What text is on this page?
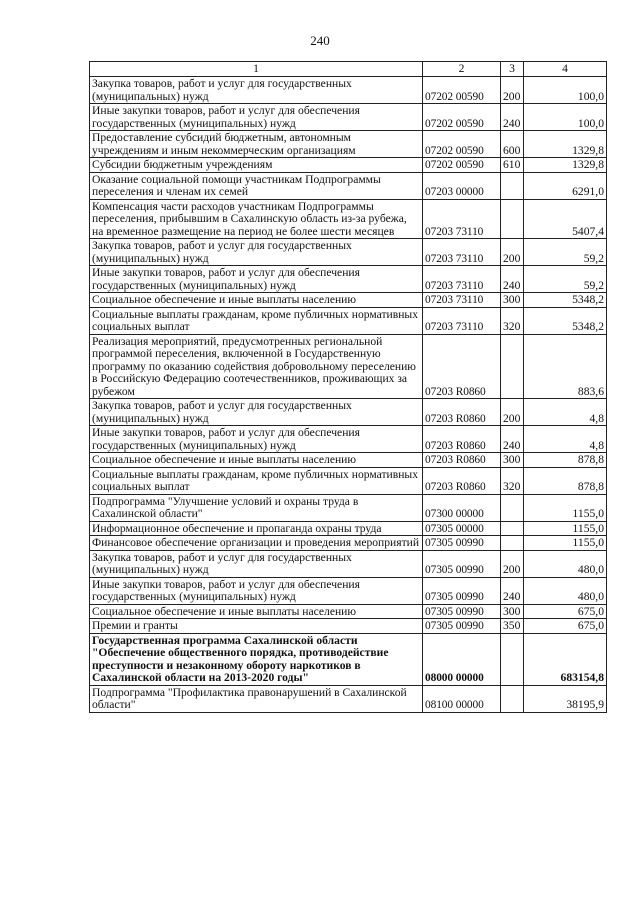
240
1	2	3	4
Закупка товаров, работ и услуг для государственных (муниципальных) нужд	07202 00590	200	100,0
Иные закупки товаров, работ и услуг для обеспечения государственных (муниципальных) нужд	07202 00590	240	100,0
Предоставление субсидий бюджетным, автономным учреждениям и иным некоммерческим организациям	07202 00590	600	1329,8
Субсидии бюджетным учреждениям	07202 00590	610	1329,8
Оказание социальной помощи участникам Подпрограммы переселения и членам их семей	07203 00000		6291,0
Компенсация части расходов участникам Подпрограммы переселения, прибывшим в Сахалинскую область из-за рубежа, на временное размещение на период не более шести месяцев	07203 73110		5407,4
Закупка товаров, работ и услуг для государственных (муниципальных) нужд	07203 73110	200	59,2
Иные закупки товаров, работ и услуг для обеспечения государственных (муниципальных) нужд	07203 73110	240	59,2
Социальное обеспечение и иные выплаты населению	07203 73110	300	5348,2
Социальные выплаты гражданам, кроме публичных нормативных социальных выплат	07203 73110	320	5348,2
Реализация мероприятий, предусмотренных региональной программой переселения, включенной в Государственную программу по оказанию содействия добровольному переселению в Российскую Федерацию соотечественников, проживающих за рубежом	07203 R0860		883,6
Закупка товаров, работ и услуг для государственных (муниципальных) нужд	07203 R0860	200	4,8
Иные закупки товаров, работ и услуг для обеспечения государственных (муниципальных) нужд	07203 R0860	240	4,8
Социальное обеспечение и иные выплаты населению	07203 R0860	300	878,8
Социальные выплаты гражданам, кроме публичных нормативных социальных выплат	07203 R0860	320	878,8
Подпрограмма "Улучшение условий и охраны труда в Сахалинской области"	07300 00000		1155,0
Информационное обеспечение и пропаганда охраны труда	07305 00000		1155,0
Финансовое обеспечение организации и проведения мероприятий	07305 00990		1155,0
Закупка товаров, работ и услуг для государственных (муниципальных) нужд	07305 00990	200	480,0
Иные закупки товаров, работ и услуг для обеспечения государственных (муниципальных) нужд	07305 00990	240	480,0
Социальное обеспечение и иные выплаты населению	07305 00990	300	675,0
Премии и гранты	07305 00990	350	675,0
Государственная программа Сахалинской области "Обеспечение общественного порядка, противодействие преступности и незаконному обороту наркотиков в Сахалинской области на 2013-2020 годы"	08000 00000		683154,8
Подпрограмма "Профилактика правонарушений в Сахалинской области"	08100 00000		38195,9
